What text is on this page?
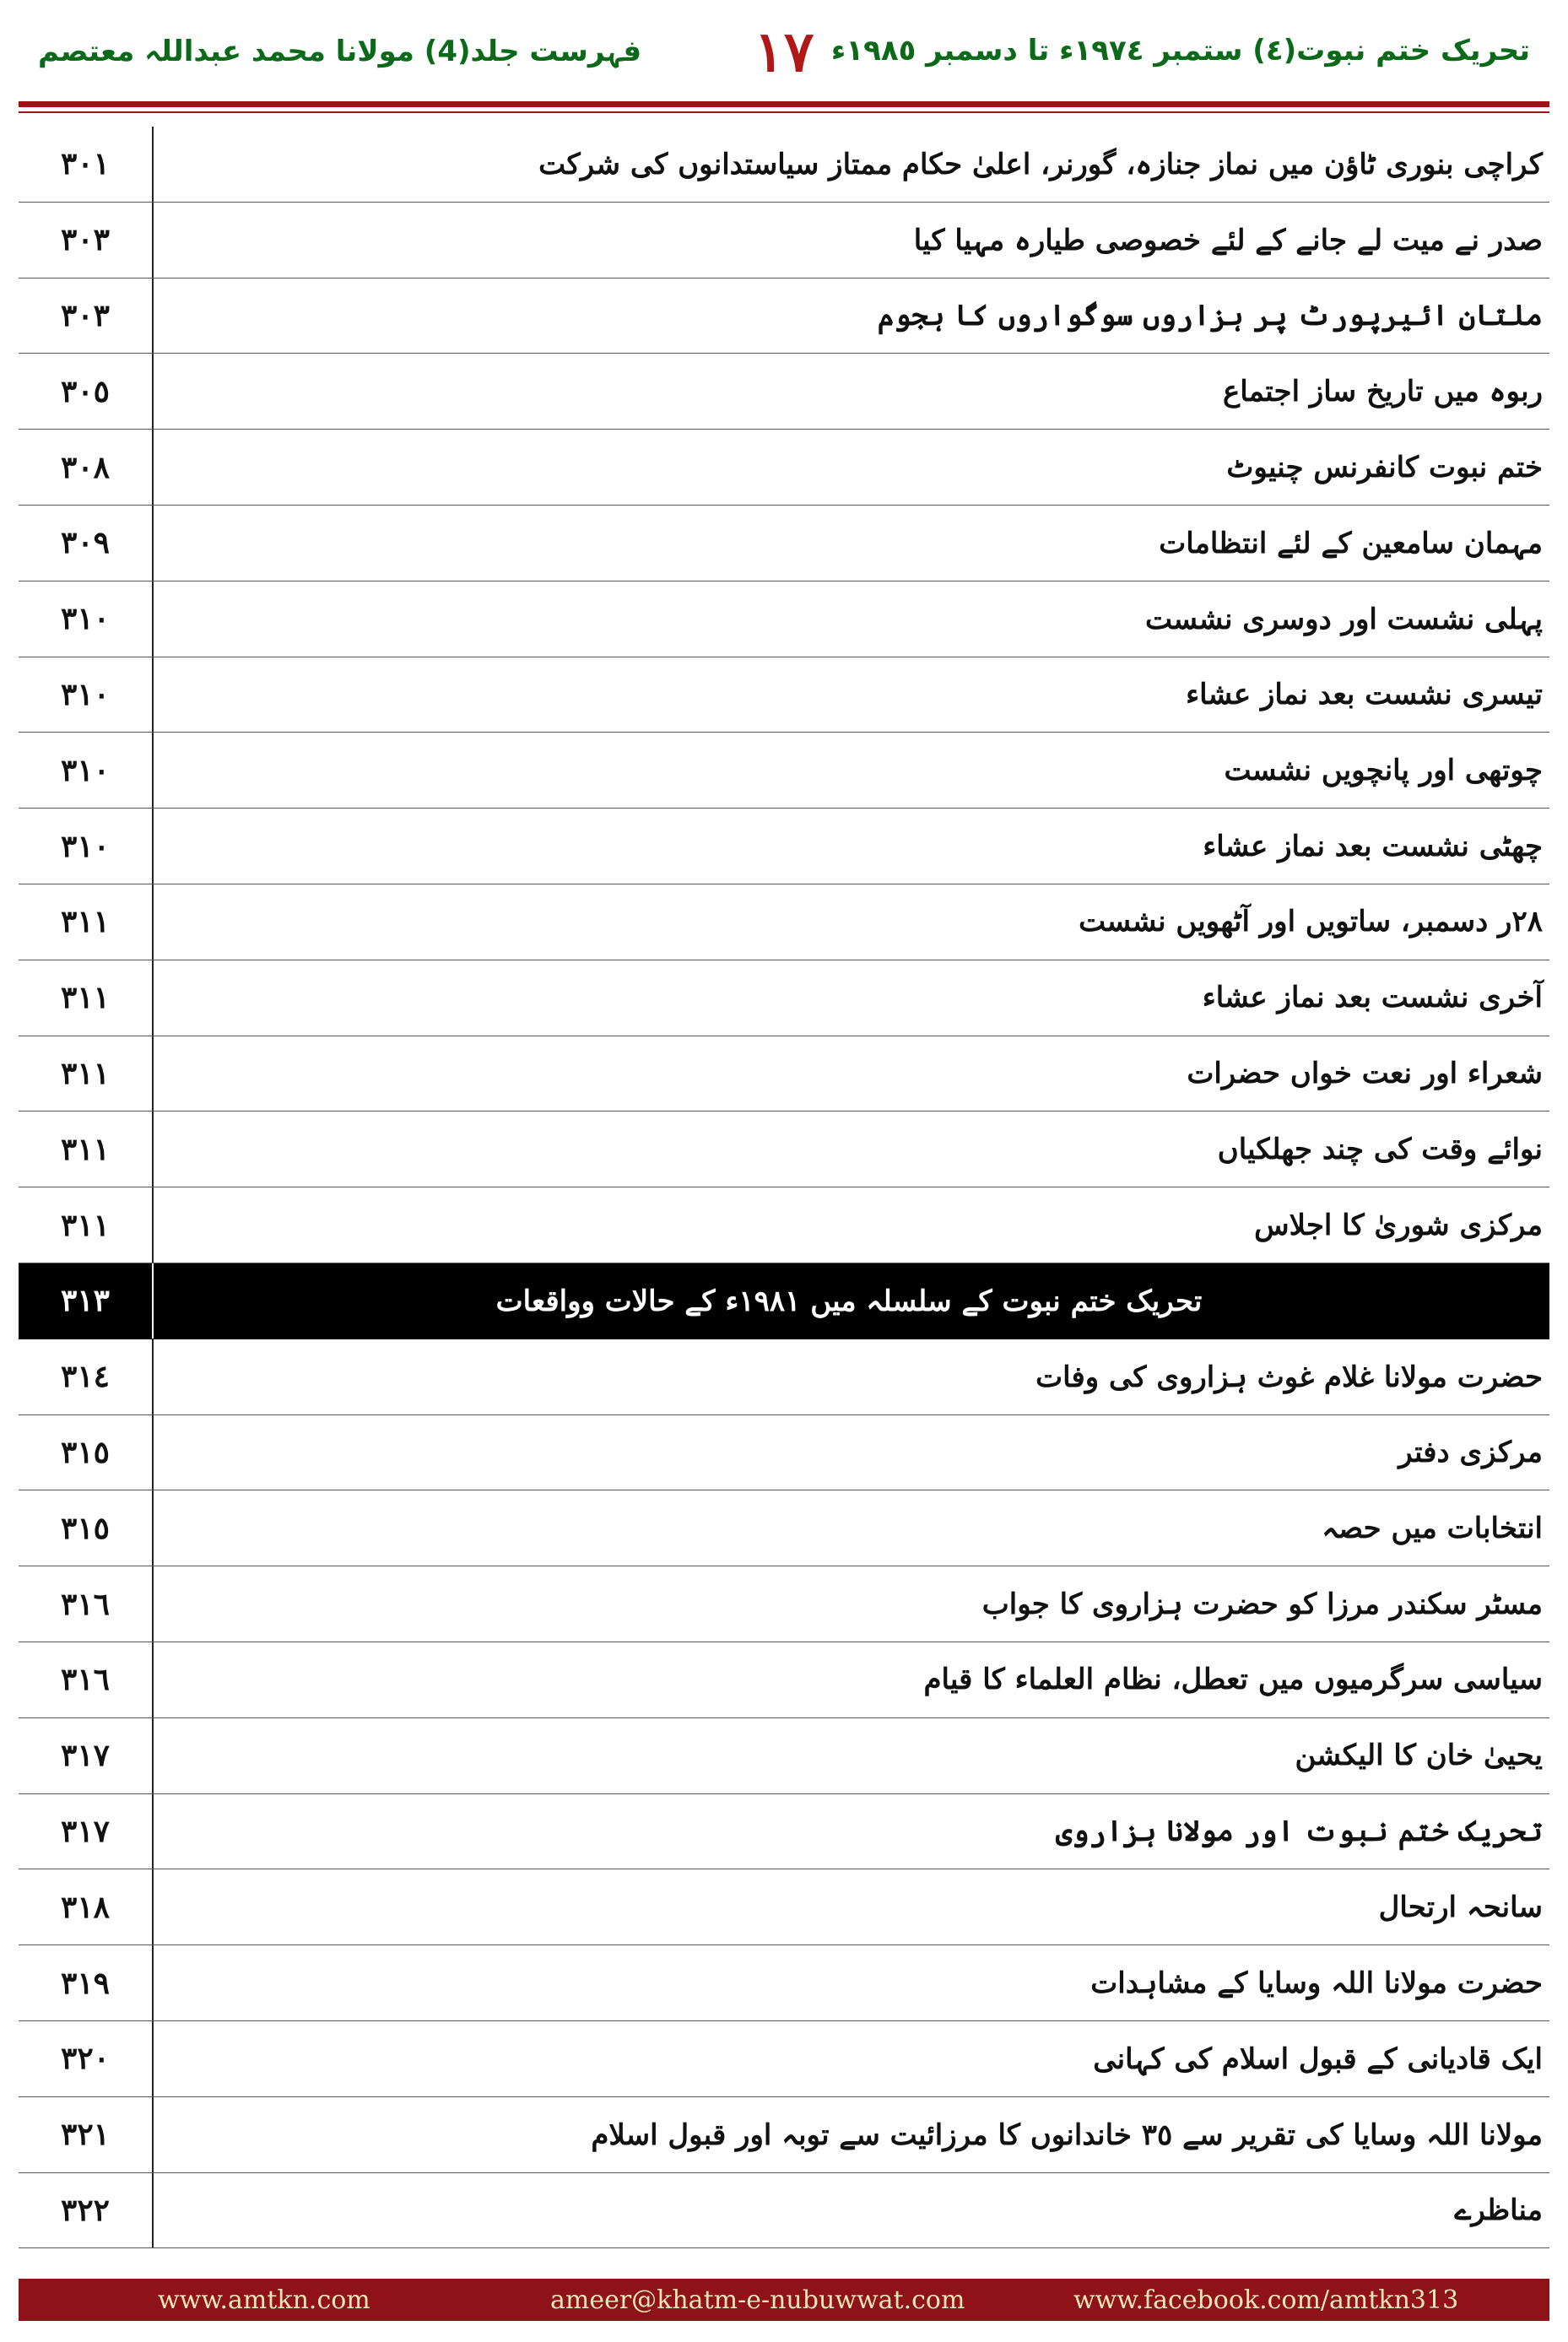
فہرست جلد(4) مولانا محمد عبداللہ معتصم	١٧ تحریک ختم نبوت(٤) ستمبر ١٩٧٤ء تا دسمبر ١٩٨٥ء
٣٠١	کراچی بنوری ٹاؤن میں نماز جنازہ، گورنر، اعلیٰ حکام ممتاز سیاستدانوں کی شرکت
٣٠٣	صدر نے میت لے جانے کے لئے خصوصی طیارہ مہیا کیا
٣٠٣	ملتان ائیرپورٹ پر ہزاروں سوگواروں کا ہجوم
٣٠٥	ربوہ میں تاریخ ساز اجتماع
٣٠٨	ختم نبوت کانفرنس چنیوٹ
٣٠٩	مہمان سامعین کے لئے انتظامات
٣١٠	پہلی نشست اور دوسری نشست
٣١٠	تیسری نشست بعد نماز عشاء
٣١٠	چوتھی اور پانچویں نشست
٣١٠	چھٹی نشست بعد نماز عشاء
٣١١	٢٨ر دسمبر، ساتویں اور آٹھویں نشست
٣١١	آخری نشست بعد نماز عشاء
٣١١	شعراء اور نعت خواں حضرات
٣١١	نوائے وقت کی چند جھلکیاں
٣١١	مرکزی شوریٰ کا اجلاس
٣١٣	تحریک ختم نبوت کے سلسلہ میں ١٩٨١ء کے حالات وواقعات
٣١٤	حضرت مولانا غلام غوث ہزاروی کی وفات
٣١٥	مرکزی دفتر
٣١٥	انتخابات میں حصہ
٣١٦	مسٹر سکندر مرزا کو حضرت ہزاروی کا جواب
٣١٦	سیاسی سرگرمیوں میں تعطل، نظام العلماء کا قیام
٣١٧	یحییٰ خان کا الیکشن
٣١٧	تحریک ختم نبوت اور مولانا ہزاروی
٣١٨	سانحہ ارتحال
٣١٩	حضرت مولانا اللہ وسایا کے مشاہدات
٣٢٠	ایک قادیانی کے قبول اسلام کی کہانی
٣٢١	مولانا اللہ وسایا کی تقریر سے ٣٥ خاندانوں کا مرزائیت سے توبہ اور قبول اسلام
٣٢٢	مناظرے
www.amtkn.com	ameer@khatm-e-nubuwwat.com	www.facebook.com/amtkn313
